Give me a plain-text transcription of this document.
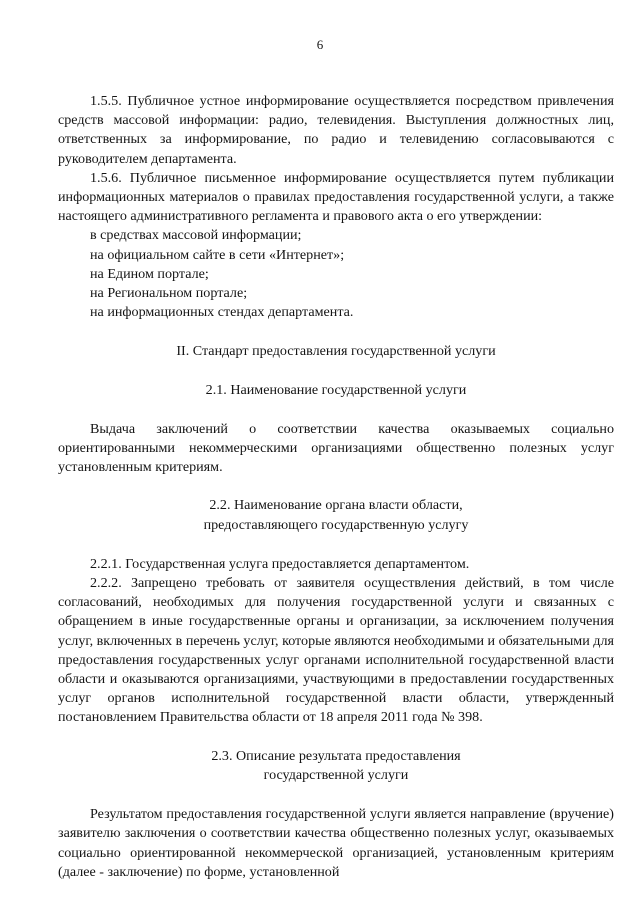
6

1.5.5. Публичное устное информирование осуществляется посредством привлечения средств массовой информации: радио, телевидения. Выступления должностных лиц, ответственных за информирование, по радио и телевидению согласовываются с руководителем департамента.

1.5.6. Публичное письменное информирование осуществляется путем публикации информационных материалов о правилах предоставления государственной услуги, а также настоящего административного регламента и правового акта о его утверждении:

в средствах массовой информации;

на официальном сайте в сети «Интернет»;

на Едином портале;

на Региональном портале;

на информационных стендах департамента.

II. Стандарт предоставления государственной услуги

2.1. Наименование государственной услуги

Выдача заключений о соответствии качества оказываемых социально ориентированными некоммерческими организациями общественно полезных услуг установленным критериям.

2.2. Наименование органа власти области,

предоставляющего государственную услугу

2.2.1. Государственная услуга предоставляется департаментом.

2.2.2. Запрещено требовать от заявителя осуществления действий, в том числе согласований, необходимых для получения государственной услуги и связанных с обращением в иные государственные органы и организации, за исключением получения услуг, включенных в перечень услуг, которые являются необходимыми и обязательными для предоставления государственных услуг органами исполнительной государственной власти области и оказываются организациями, участвующими в предоставлении государственных услуг органов исполнительной государственной власти области, утвержденный постановлением Правительства области от 18 апреля 2011 года № 398.

2.3. Описание результата предоставления

государственной услуги

Результатом предоставления государственной услуги является направление (вручение) заявителю заключения о соответствии качества общественно полезных услуг, оказываемых социально ориентированной некоммерческой организацией, установленным критериям (далее - заключение) по форме, установленной
